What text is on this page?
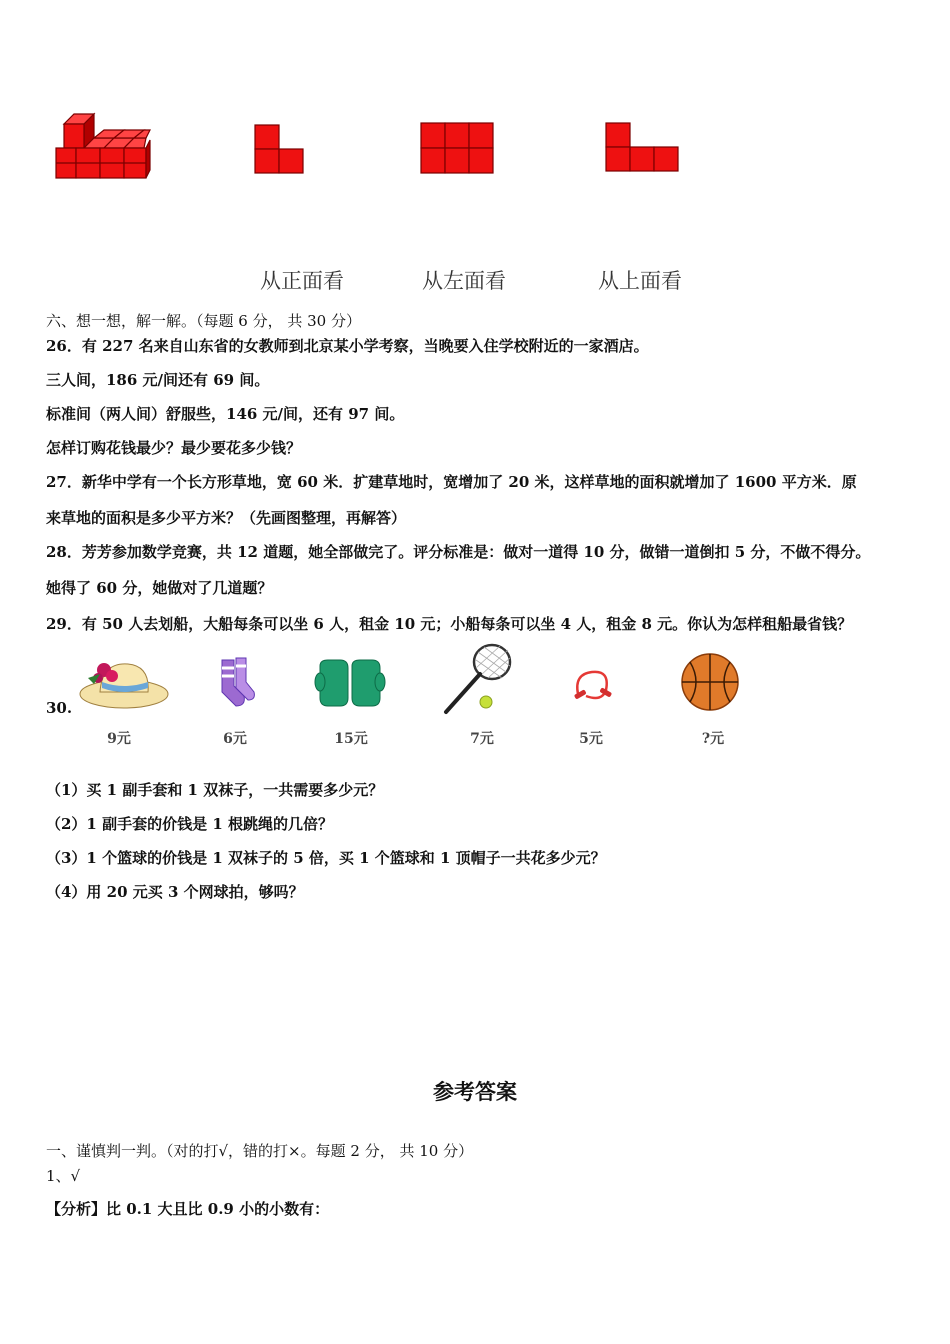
从正面看	从左面看	从上面看
六、想一想，解一解。（每题 6 分， 共 30 分）
26．有 227 名来自山东省的女教师到北京某小学考察，当晚要入住学校附近的一家酒店。
三人间，186 元/间还有 69 间。
标准间（两人间）舒服些，146 元/间，还有 97 间。
怎样订购花钱最少？最少要花多少钱？
27．新华中学有一个长方形草地，宽 60 米．扩建草地时，宽增加了 20 米，这样草地的面积就增加了 1600 平方米．原
来草地的面积是多少平方米？（先画图整理，再解答）
28．芳芳参加数学竞赛，共 12 道题，她全部做完了。评分标准是：做对一道得 10 分，做错一道倒扣 5 分，不做不得分。
她得了 60 分，她做对了几道题？
29．有 50 人去划船，大船每条可以坐 6 人，租金 10 元；小船每条可以坐 4 人，租金 8 元。你认为怎样租船最省钱？
30.
9元	6元	15元	7元	5元	?元
（1）买 1 副手套和 1 双袜子，一共需要多少元？
（2）1 副手套的价钱是 1 根跳绳的几倍？
（3）1 个篮球的价钱是 1 双袜子的 5 倍，买 1 个篮球和 1 顶帽子一共花多少元？
（4）用 20 元买 3 个网球拍，够吗？
参考答案
一、谨慎判一判。（对的打√，错的打×。每题 2 分， 共 10 分）
1、√
【分析】比 0.1 大且比 0.9 小的小数有：
